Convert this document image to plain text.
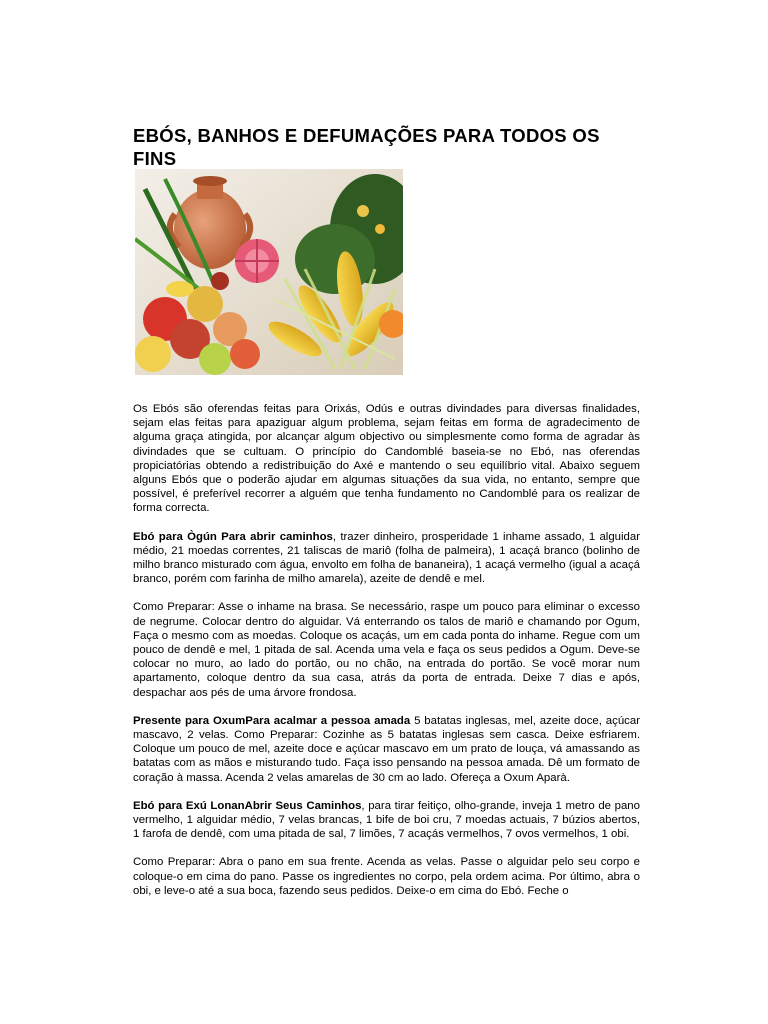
EBÓS, BANHOS E DEFUMAÇÕES PARA TODOS OS FINS

Os Ebós são oferendas feitas para Orixás, Odús e outras divindades para diversas finalidades, sejam elas feitas para apaziguar algum problema, sejam feitas em forma de agradecimento de alguma graça atingida, por alcançar algum objectivo ou simplesmente como forma de agradar às divindades que se cultuam. O princípio do Candomblé baseia-se no Ebó, nas oferendas propiciatórias obtendo a redistribuição do Axé e mantendo o seu equilíbrio vital. Abaixo seguem alguns Ebós que o poderão ajudar em algumas situações da sua vida, no entanto, sempre que possível, é preferível recorrer a alguém que tenha fundamento no Candomblé para os realizar de forma correcta.

Ebó para Ògún Para abrir caminhos, trazer dinheiro, prosperidade 1 inhame assado, 1 alguidar médio, 21 moedas correntes, 21 taliscas de mariô (folha de palmeira), 1 acaçá branco (bolinho de milho branco misturado com água, envolto em folha de bananeira), 1 acaçá vermelho (igual a acaçá branco, porém com farinha de milho amarela), azeite de dendê e mel.

Como Preparar: Asse o inhame na brasa. Se necessário, raspe um pouco para eliminar o excesso de negrume. Colocar dentro do alguidar. Vá enterrando os talos de mariô e chamando por Ogum, Faça o mesmo com as moedas. Coloque os acaçás, um em cada ponta do inhame. Regue com um pouco de dendê e mel, 1 pitada de sal. Acenda uma vela e faça os seus pedidos a Ogum. Deve-se colocar no muro, ao lado do portão, ou no chão, na entrada do portão. Se você morar num apartamento, coloque dentro da sua casa, atrás da porta de entrada. Deixe 7 dias e após, despachar aos pés de uma árvore frondosa.

Presente para OxumPara acalmar a pessoa amada 5 batatas inglesas, mel, azeite doce, açúcar mascavo, 2 velas. Como Preparar: Cozinhe as 5 batatas inglesas sem casca. Deixe esfriarem. Coloque um pouco de mel, azeite doce e açúcar mascavo em um prato de louça, vá amassando as batatas com as mãos e misturando tudo. Faça isso pensando na pessoa amada. Dê um formato de coração à massa. Acenda 2 velas amarelas de 30 cm ao lado. Ofereça a Oxum Aparà.

Ebó para Exú LonanAbrir Seus Caminhos, para tirar feitiço, olho-grande, inveja 1 metro de pano vermelho, 1 alguidar médio, 7 velas brancas, 1 bife de boi cru, 7 moedas actuais, 7 búzios abertos, 1 farofa de dendê, com uma pitada de sal, 7 limões, 7 acaçás vermelhos, 7 ovos vermelhos, 1 obi.

Como Preparar: Abra o pano em sua frente. Acenda as velas. Passe o alguidar pelo seu corpo e coloque-o em cima do pano. Passe os ingredientes no corpo, pela ordem acima. Por último, abra o obi, e leve-o até a sua boca, fazendo seus pedidos. Deixe-o em cima do Ebó. Feche o
